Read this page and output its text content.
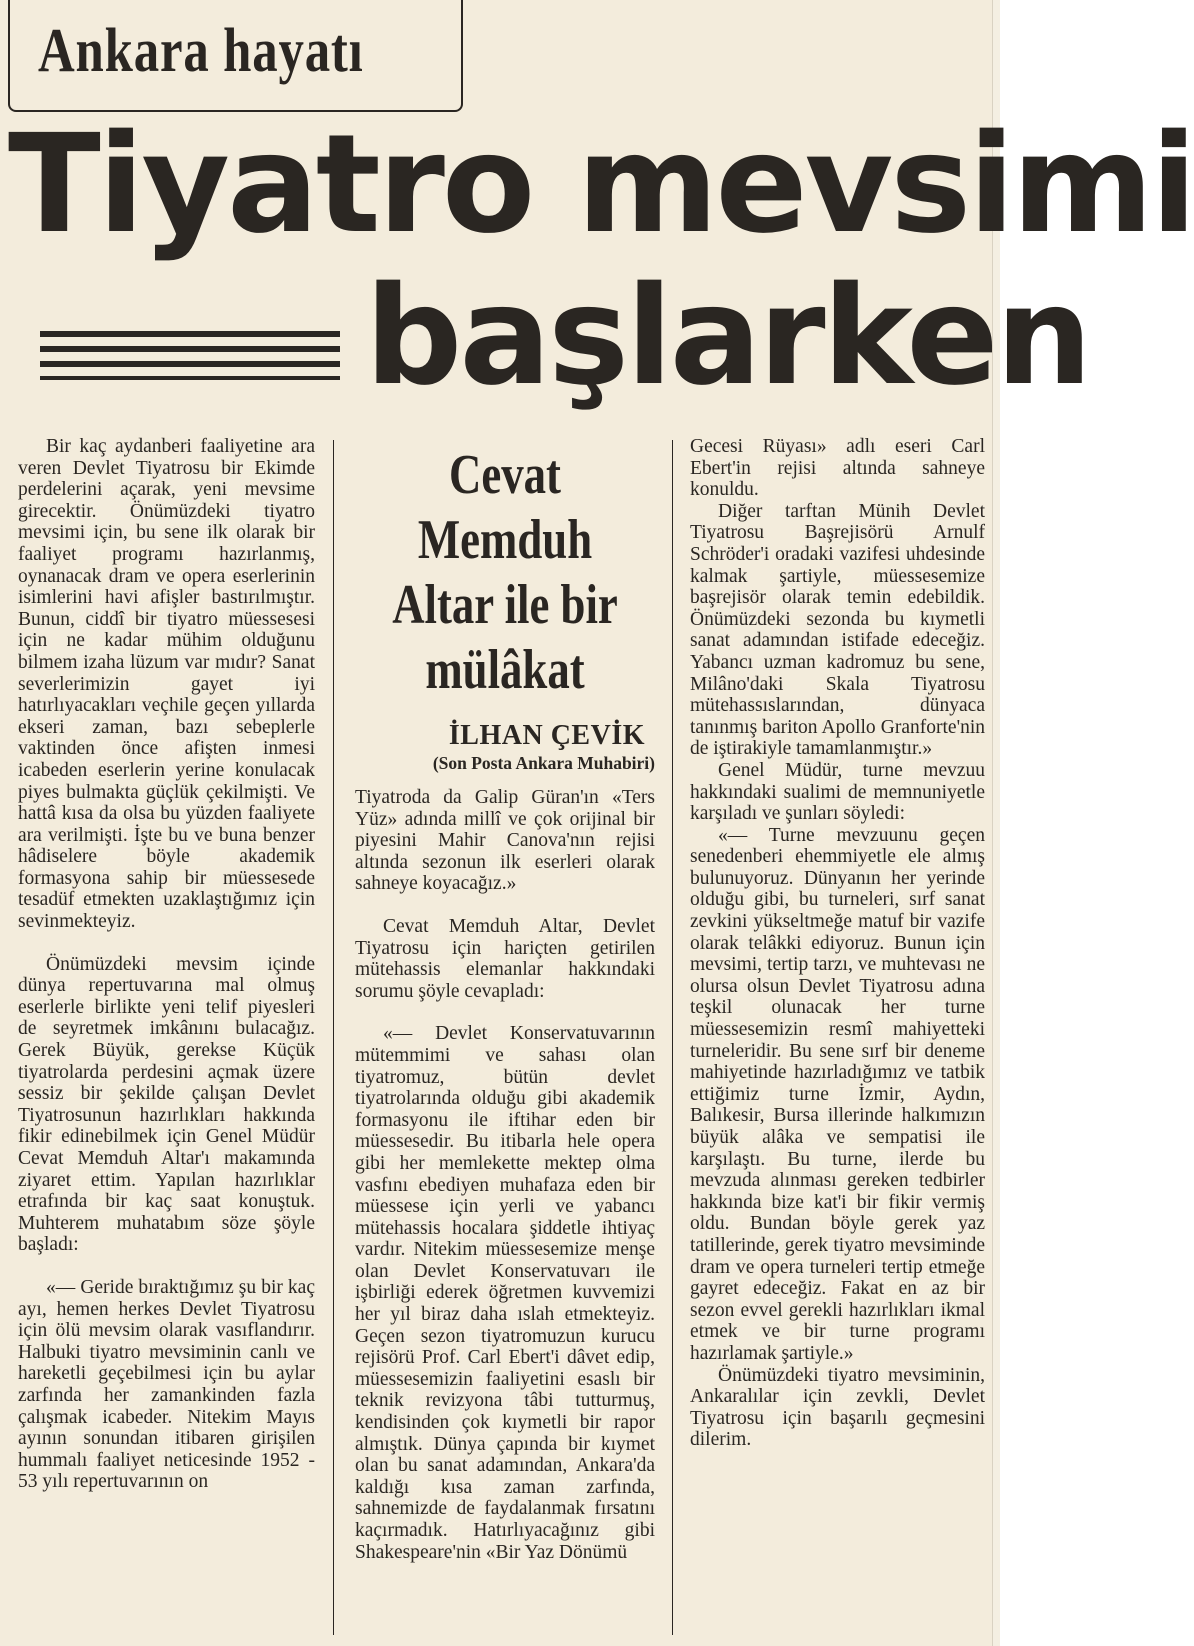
Ankara hayatı
Tiyatro mevsimi
başlarken

Bir kaç aydanberi faaliyetine ara veren Devlet Tiyatrosu bir Ekimde perdelerini açarak, yeni mevsime girecektir. Önümüzdeki tiyatro mevsimi için, bu sene ilk olarak bir faaliyet programı hazırlanmış, oynanacak dram ve opera eserlerinin isimlerini havi afişler bastırılmıştır. Bunun, ciddî bir tiyatro müessesesi için ne kadar mühim olduğunu bilmem izaha lüzum var mıdır? Sanat severlerimizin gayet iyi hatırlıyacakları veçhile geçen yıllarda ekseri zaman, bazı sebeplerle vaktinden önce afişten inmesi icabeden eserlerin yerine konulacak piyes bulmakta güçlük çekilmişti. Ve hattâ kısa da olsa bu yüzden faaliyete ara verilmişti. İşte bu ve buna benzer hâdiselere böyle akademik formasyona sahip bir müessesede tesadüf etmekten uzaklaştığımız için sevinmekteyiz.

Önümüzdeki mevsim içinde dünya repertuvarına mal olmuş eserlerle birlikte yeni telif piyesleri de seyretmek imkânını bulacağız. Gerek Büyük, gerekse Küçük tiyatrolarda perdesini açmak üzere sessiz bir şekilde çalışan Devlet Tiyatrosunun hazırlıkları hakkında fikir edinebilmek için Genel Müdür Cevat Memduh Altar'ı makamında ziyaret ettim. Yapılan hazırlıklar etrafında bir kaç saat konuştuk. Muhterem muhatabım söze şöyle başladı:

«— Geride bıraktığımız şu bir kaç ayı, hemen herkes Devlet Tiyatrosu için ölü mevsim olarak vasıflandırır. Halbuki tiyatro mevsiminin canlı ve hareketli geçebilmesi için bu aylar zarfında her zamankinden fazla çalışmak icabeder. Nitekim Mayıs ayının sonundan itibaren girişilen hummalı faaliyet neticesinde 1952 - 53 yılı repertuvarının on

Cevat Memduh Altar ile bir mülâkat
İLHAN ÇEVİK
(Son Posta Ankara Muhabiri)

Tiyatroda da Galip Güran'ın «Ters Yüz» adında millî ve çok orijinal bir piyesini Mahir Canova'nın rejisi altında sezonun ilk eserleri olarak sahneye koyacağız.»

Cevat Memduh Altar, Devlet Tiyatrosu için hariçten getirilen mütehassis elemanlar hakkındaki sorumu şöyle cevapladı:

«— Devlet Konservatuvarının mütemmimi ve sahası olan tiyatromuz, bütün devlet tiyatrolarında olduğu gibi akademik formasyonu ile iftihar eden bir müessesedir. Bu itibarla hele opera gibi her memlekette mektep olma vasfını ebediyen muhafaza eden bir müessese için yerli ve yabancı mütehassis hocalara şiddetle ihtiyaç vardır. Nitekim müessesemize menşe olan Devlet Konservatuvarı ile işbirliği ederek öğretmen kuvvemizi her yıl biraz daha ıslah etmekteyiz. Geçen sezon tiyatromuzun kurucu rejisörü Prof. Carl Ebert'i dâvet edip, müessesemizin faaliyetini esaslı bir teknik revizyona tâbi tutturmuş, kendisinden çok kıymetli bir rapor almıştık. Dünya çapında bir kıymet olan bu sanat adamından, Ankara'da kaldığı kısa zaman zarfında, sahnemizde de faydalanmak fırsatını kaçırmadık. Hatırlıyacağınız gibi Shakespeare'nin «Bir Yaz Dönümü

Gecesi Rüyası» adlı eseri Carl Ebert'in rejisi altında sahneye konuldu.

Diğer tarftan Münih Devlet Tiyatrosu Başrejisörü Arnulf Schröder'i oradaki vazifesi uhdesinde kalmak şartiyle, müessesemize başrejisör olarak temin edebildik. Önümüzdeki sezonda bu kıymetli sanat adamından istifade edeceğiz. Yabancı uzman kadromuz bu sene, Milâno'daki Skala Tiyatrosu mütehassıslarından, dünyaca tanınmış bariton Apollo Granforte'nin de iştirakiyle tamamlanmıştır.»

Genel Müdür, turne mevzuu hakkındaki sualimi de memnuniyetle karşıladı ve şunları söyledi:

«— Turne mevzuunu geçen senedenberi ehemmiyetle ele almış bulunuyoruz. Dünyanın her yerinde olduğu gibi, bu turneleri, sırf sanat zevkini yükseltmeğe matuf bir vazife olarak telâkki ediyoruz. Bunun için mevsimi, tertip tarzı, ve muhtevası ne olursa olsun Devlet Tiyatrosu adına teşkil olunacak her turne müessesemizin resmî mahiyetteki turneleridir. Bu sene sırf bir deneme mahiyetinde hazırladığımız ve tatbik ettiğimiz turne İzmir, Aydın, Balıkesir, Bursa illerinde halkımızın büyük alâka ve sempatisi ile karşılaştı. Bu turne, ilerde bu mevzuda alınması gereken tedbirler hakkında bize kat'i bir fikir vermiş oldu. Bundan böyle gerek yaz tatillerinde, gerek tiyatro mevsiminde dram ve opera turneleri tertip etmeğe gayret edeceğiz. Fakat en az bir sezon evvel gerekli hazırlıkları ikmal etmek ve bir turne programı hazırlamak şartiyle.»

Önümüzdeki tiyatro mevsiminin, Ankaralılar için zevkli, Devlet Tiyatrosu için başarılı geçmesini dilerim.
